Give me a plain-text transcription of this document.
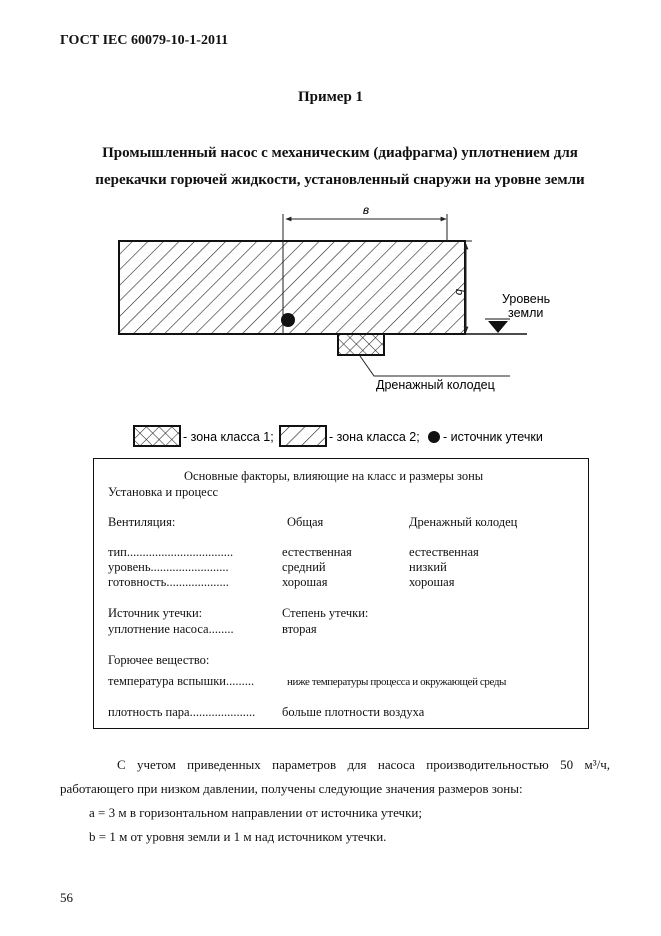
ГОСТ IEC 60079-10-1-2011
Пример 1
Промышленный насос с механическим (диафрагма) уплотнением для
перекачки горючей жидкости, установленный снаружи на уровне земли
в
b	Уровень
земли
Дренажный колодец
- зона класса 1;	- зона класса 2; - источник утечки
Основные факторы, влияющие на класс и размеры зоны
Установка и процесс
Вентиляция:	Общая	Дренажный колодец
тип..................................	естественная	естественная
уровень.........................	средний	низкий
готовность....................	хорошая	хорошая
Источник утечки:	Степень утечки:
уплотнение насоса........	вторая
Горючее вещество:
температура вспышки.........	ниже температуры процесса и окружающей среды
плотность пара..................... больше плотности воздуха
С учетом приведенных параметров для насоса производительностью 50 м³/ч,
работающего при низком давлении, получены следующие значения размеров зоны:
a = 3 м в горизонтальном направлении от источника утечки;
b = 1 м от уровня земли и 1 м над источником утечки.
56
